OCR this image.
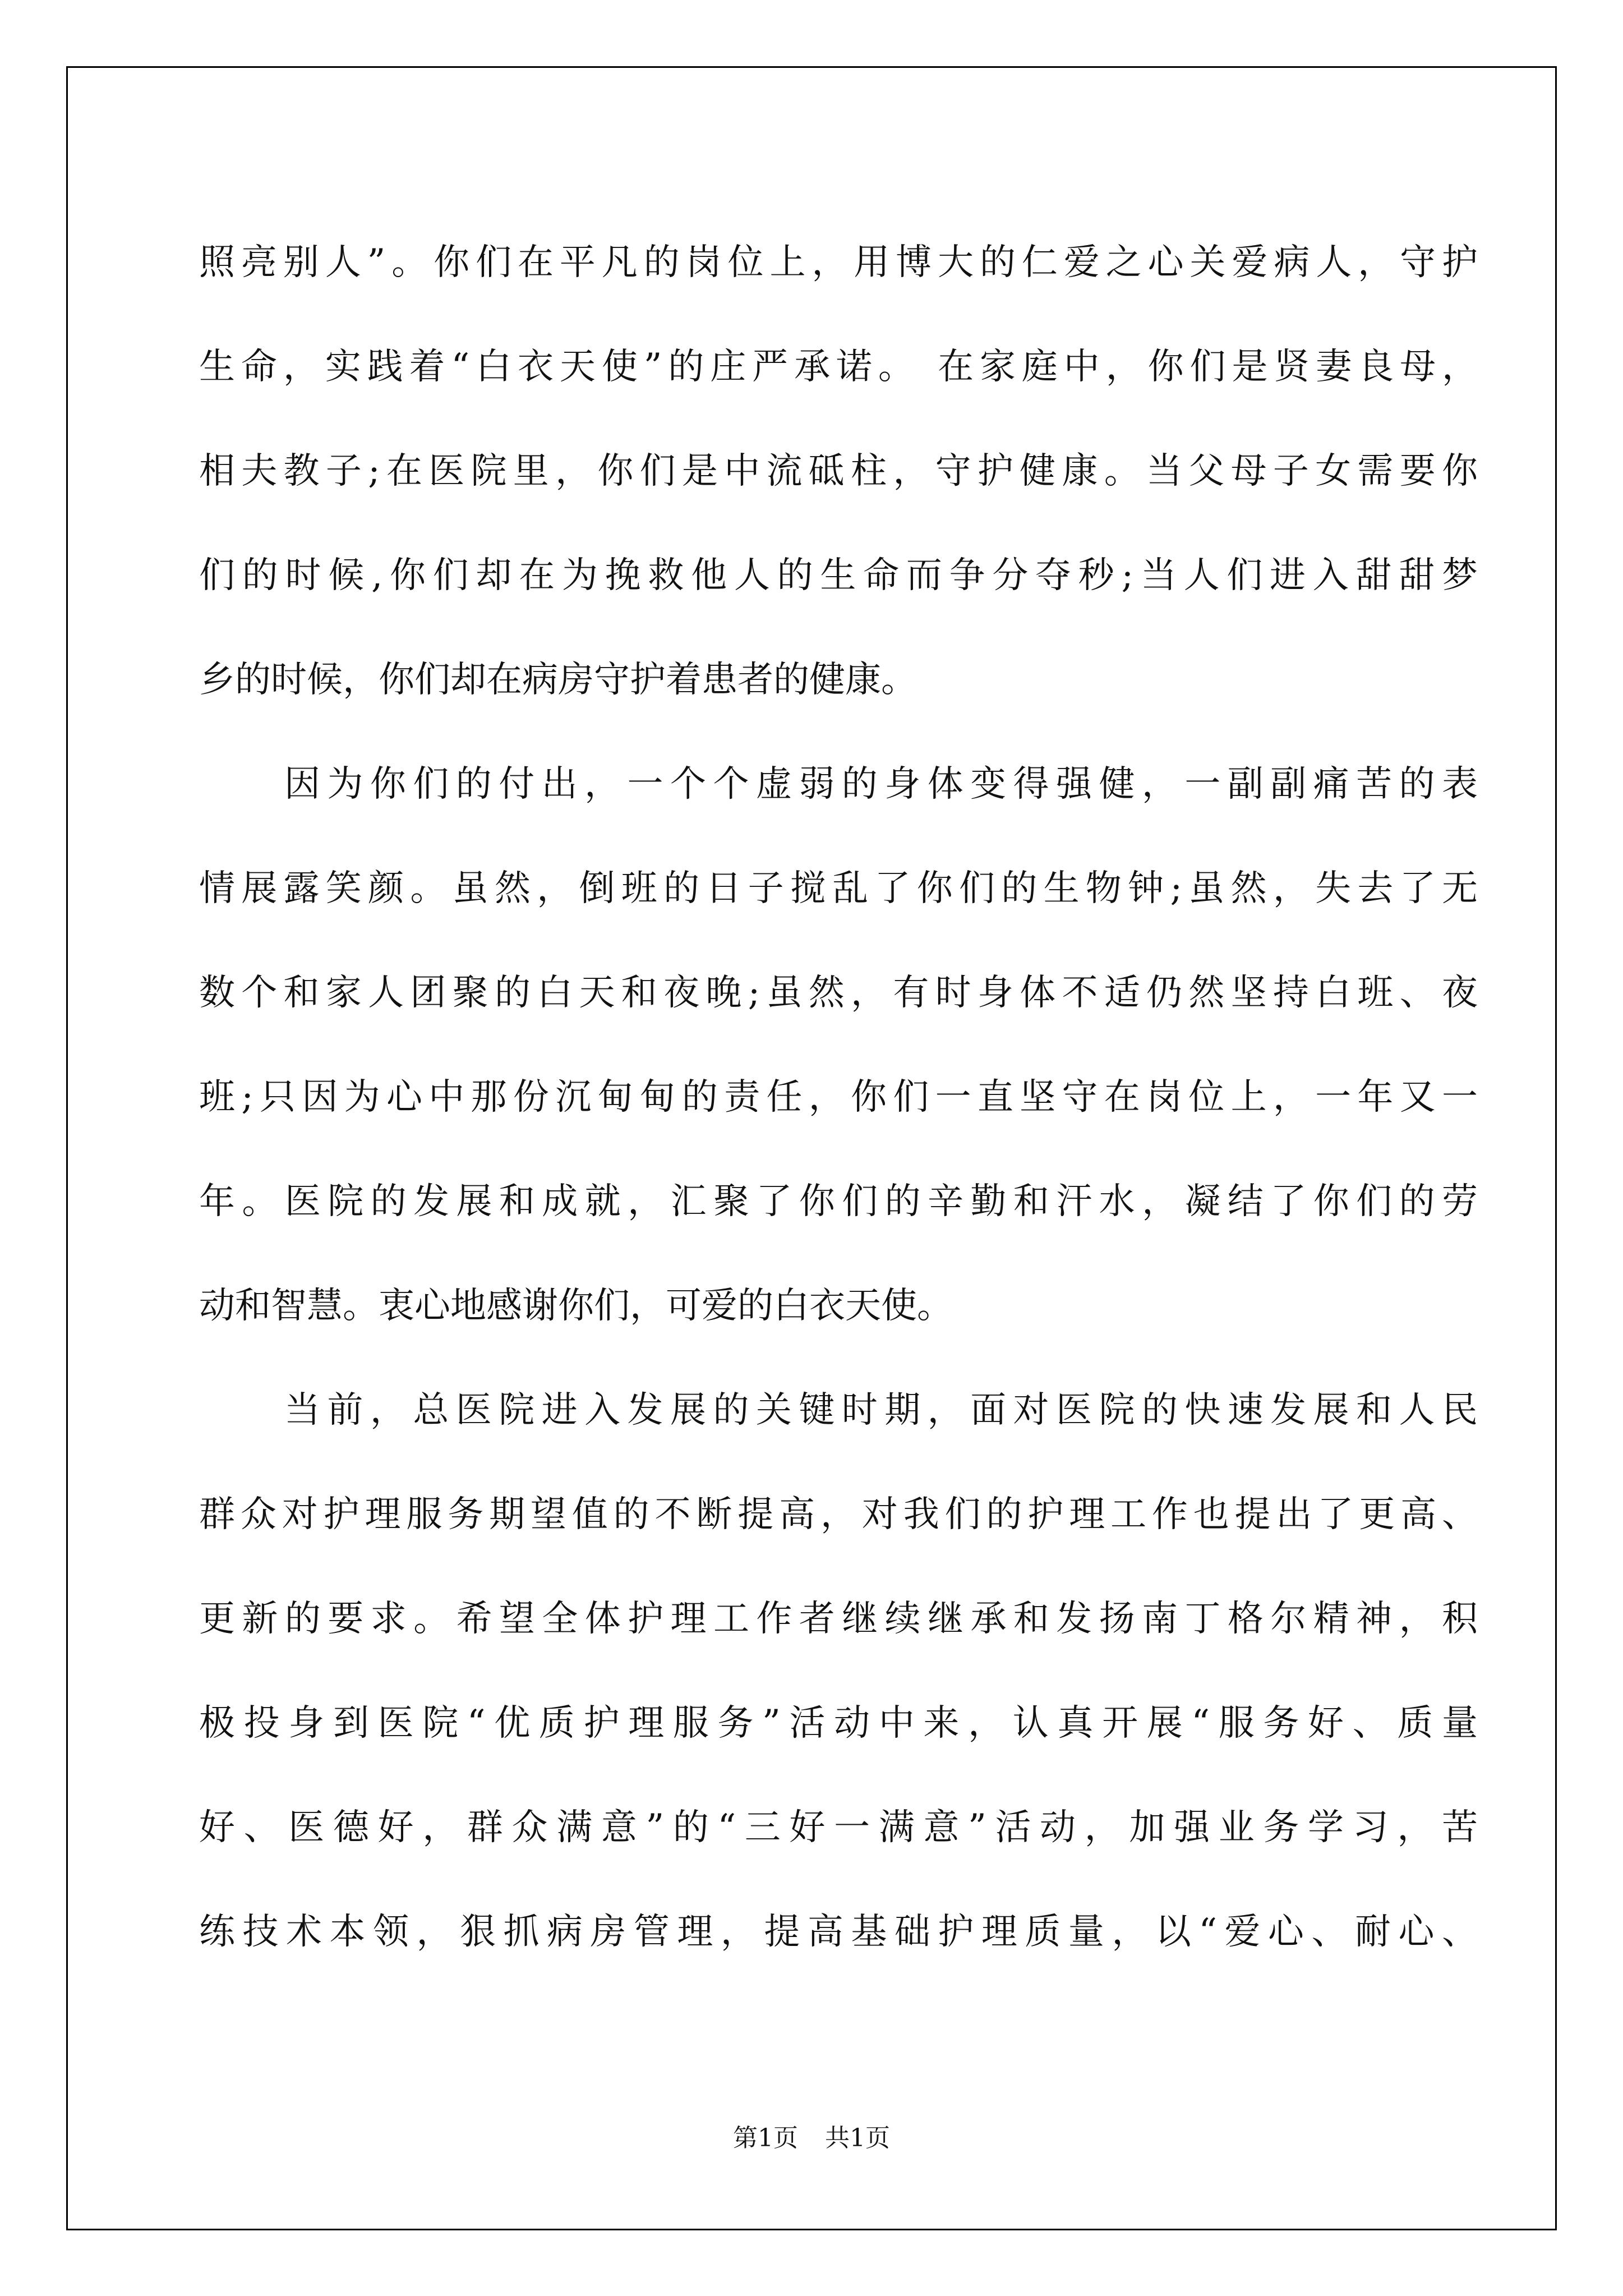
照亮别人”。你们在平凡的岗位上，用博大的仁爱之心关爱病人，守护
生命，实践着“白衣天使”的庄严承诺。 在家庭中，你们是贤妻良母，
相夫教子;在医院里，你们是中流砥柱，守护健康。当父母子女需要你
们的时候,你们却在为挽救他人的生命而争分夺秒;当人们进入甜甜梦
乡的时候，你们却在病房守护着患者的健康。
因为你们的付出，一个个虚弱的身体变得强健，一副副痛苦的表
情展露笑颜。虽然，倒班的日子搅乱了你们的生物钟;虽然，失去了无
数个和家人团聚的白天和夜晚;虽然，有时身体不适仍然坚持白班、夜
班;只因为心中那份沉甸甸的责任，你们一直坚守在岗位上，一年又一
年。医院的发展和成就，汇聚了你们的辛勤和汗水，凝结了你们的劳
动和智慧。衷心地感谢你们，可爱的白衣天使。
当前，总医院进入发展的关键时期，面对医院的快速发展和人民
群众对护理服务期望值的不断提高，对我们的护理工作也提出了更高、
更新的要求。希望全体护理工作者继续继承和发扬南丁格尔精神，积
极投身到医院“优质护理服务”活动中来，认真开展“服务好、质量
好、医德好，群众满意”的“三好一满意”活动，加强业务学习，苦
练技术本领，狠抓病房管理，提高基础护理质量，以“爱心、耐心、
第1页 共1页
